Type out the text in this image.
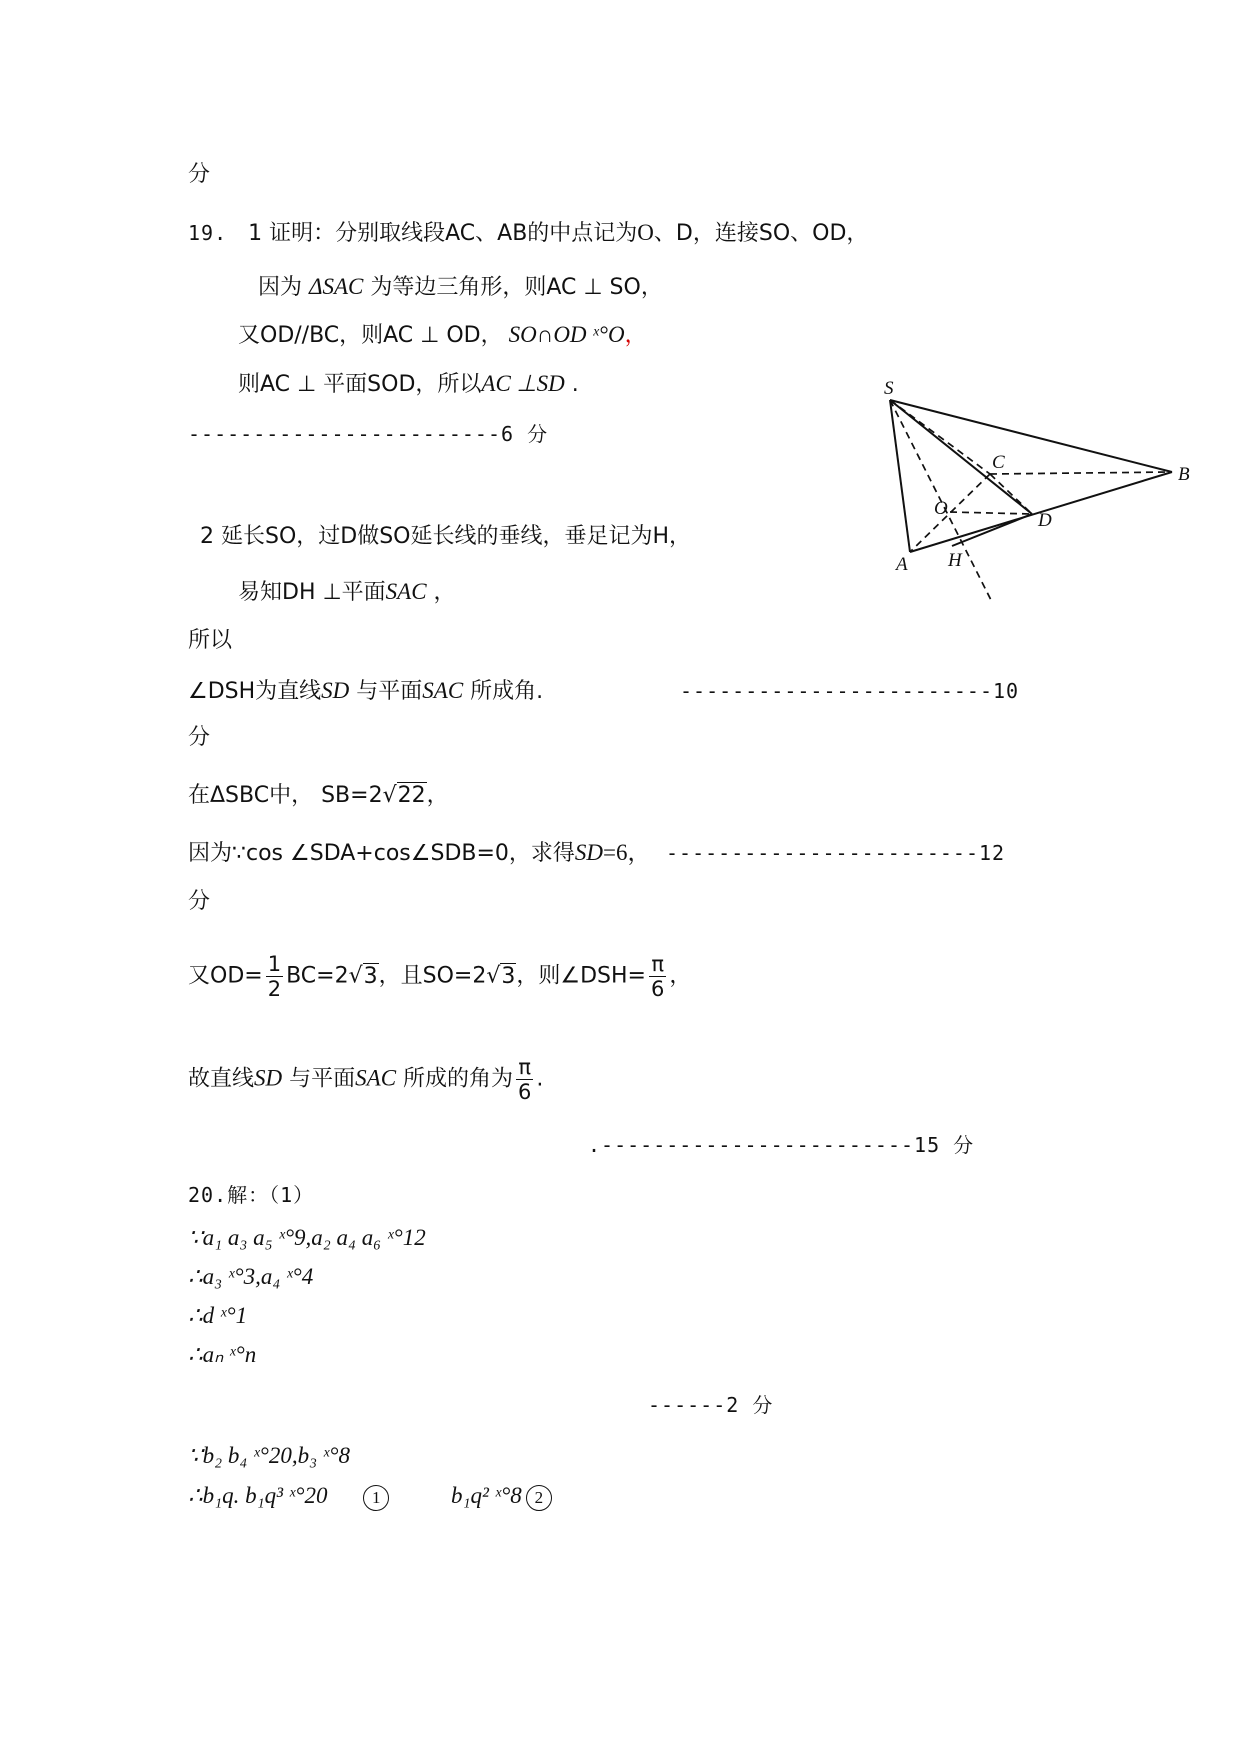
分
19. 1 证明：分别取线段AC、AB的中点记为O、D，连接SO、OD，
因为 ΔSAC 为等边三角形，则AC ⊥ SO，
又OD//BC，则AC ⊥ OD， SO∩OD ˣ°O，
则AC ⊥ 平面SOD，所以AC ⊥SD .
------------------------6 分
S
C
B
O
D
A H
2 延长SO，过D做SO延长线的垂线，垂足记为H，
易知DH ⊥平面SAC ，
所以
∠DSH为直线SD 与平面SAC 所成角.	------------------------10
分
在ΔSBC中， SB=2√22，
因为∵cos ∠SDA+cos∠SDB=0，求得SD=6， ------------------------12
分
又$OD= \frac{1}{2} BC=2√3$，且SO=2√3，则∠DSH= $\frac{\pi}{6}$ ，
故直线SD 与平面SAC 所成的角为 $\frac{\pi}{6}$ .
.------------------------15 分
20.解：（1）
∵a₁ a₃ a₅ ˣ°9,a₂ a₄ a₆ ˣ°12
∴a₃ ˣ°3,a₄ ˣ°4
∴d ˣ°1
∴aₙ ˣ°n
------2 分
∵b₂ b₄ ˣ°20,b₃ ˣ°8
∴b₁q. b₁q³ ˣ°20	1	b₁q² ˣ°8 2
